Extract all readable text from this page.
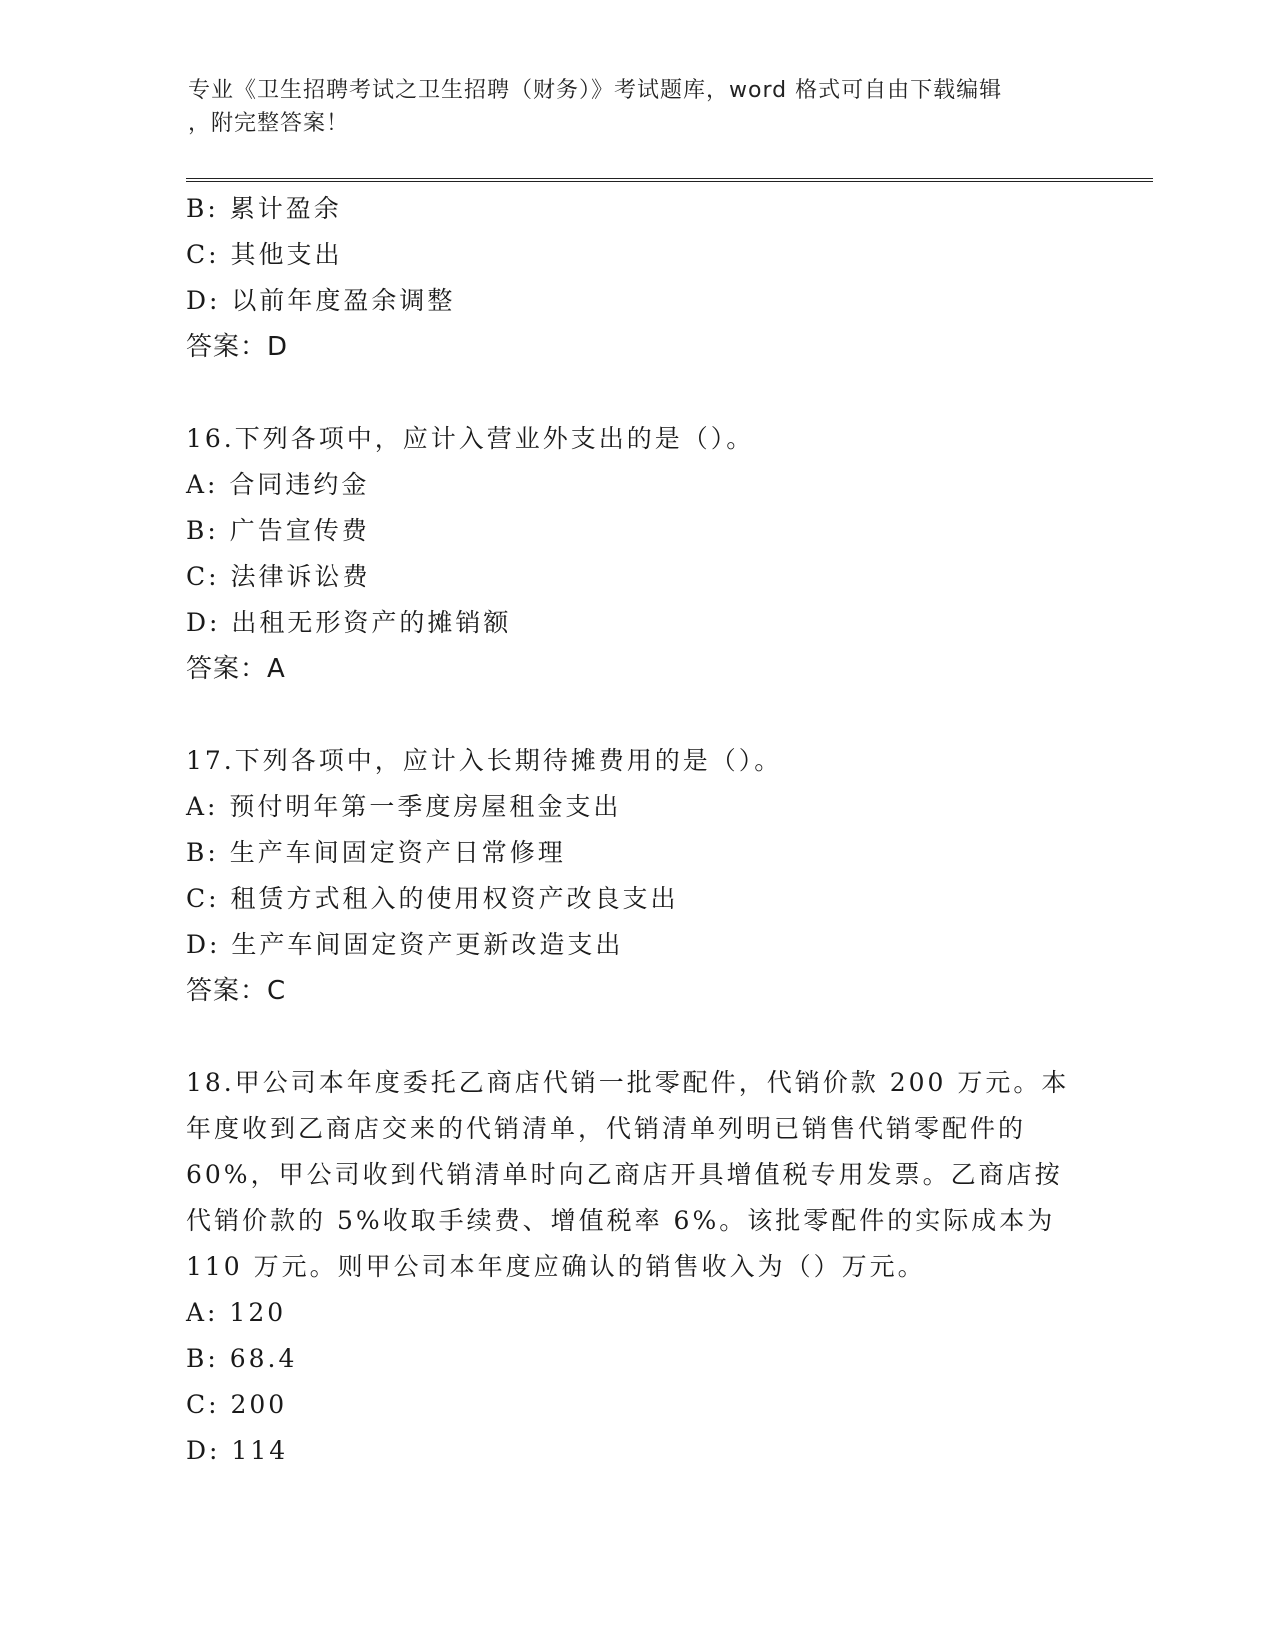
专业《卫生招聘考试之卫生招聘（财务）》考试题库，word 格式可自由下载编辑
，附完整答案！
B: 累计盈余
C: 其他支出
D: 以前年度盈余调整
答案：D
16.下列各项中，应计入营业外支出的是（）。
A: 合同违约金
B: 广告宣传费
C: 法律诉讼费
D: 出租无形资产的摊销额
答案：A
17.下列各项中，应计入长期待摊费用的是（）。
A: 预付明年第一季度房屋租金支出
B: 生产车间固定资产日常修理
C: 租赁方式租入的使用权资产改良支出
D: 生产车间固定资产更新改造支出
答案：C
18.甲公司本年度委托乙商店代销一批零配件，代销价款 200 万元。本
年度收到乙商店交来的代销清单，代销清单列明已销售代销零配件的
60%，甲公司收到代销清单时向乙商店开具增值税专用发票。乙商店按
代销价款的 5%收取手续费、增值税率 6%。该批零配件的实际成本为
110 万元。则甲公司本年度应确认的销售收入为（）万元。
A: 120
B: 68.4
C: 200
D: 114
